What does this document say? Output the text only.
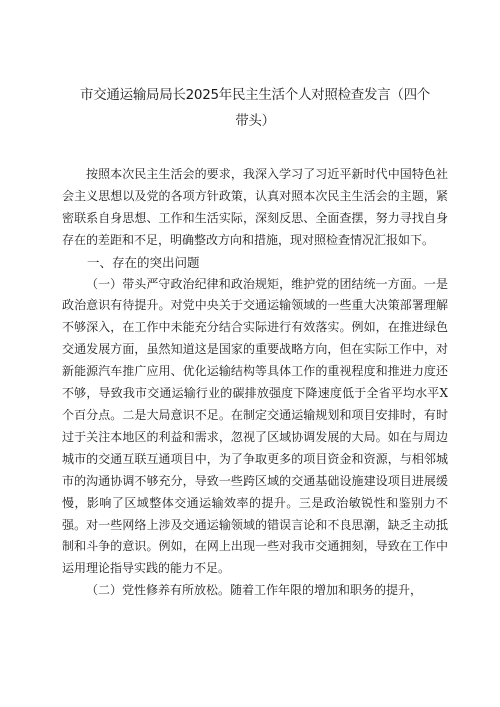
市交通运输局局长2025年民主生活个人对照检查发言（四个
带头）

按照本次民主生活会的要求，我深入学习了习近平新时代中国特色社会主义思想以及党的各项方针政策，认真对照本次民主生活会的主题，紧密联系自身思想、工作和生活实际，深刻反思、全面查摆，努力寻找自身存在的差距和不足，明确整改方向和措施，现对照检查情况汇报如下。

一、存在的突出问题

（一）带头严守政治纪律和政治规矩，维护党的团结统一方面。一是政治意识有待提升。对党中央关于交通运输领域的一些重大决策部署理解不够深入，在工作中未能充分结合实际进行有效落实。例如，在推进绿色交通发展方面，虽然知道这是国家的重要战略方向，但在实际工作中，对新能源汽车推广应用、优化运输结构等具体工作的重视程度和推进力度还不够，导致我市交通运输行业的碳排放强度下降速度低于全省平均水平X个百分点。二是大局意识不足。在制定交通运输规划和项目安排时，有时过于关注本地区的利益和需求，忽视了区域协调发展的大局。如在与周边城市的交通互联互通项目中，为了争取更多的项目资金和资源，与相邻城市的沟通协调不够充分，导致一些跨区域的交通基础设施建设项目进展缓慢，影响了区域整体交通运输效率的提升。三是政治敏锐性和鉴别力不强。对一些网络上涉及交通运输领域的错误言论和不良思潮，缺乏主动抵制和斗争的意识。例如，在网上出现一些对我市交通拥刻，导致在工作中运用理论指导实践的能力不足。

（二）党性修养有所放松。随着工作年限的增加和职务的提升，
